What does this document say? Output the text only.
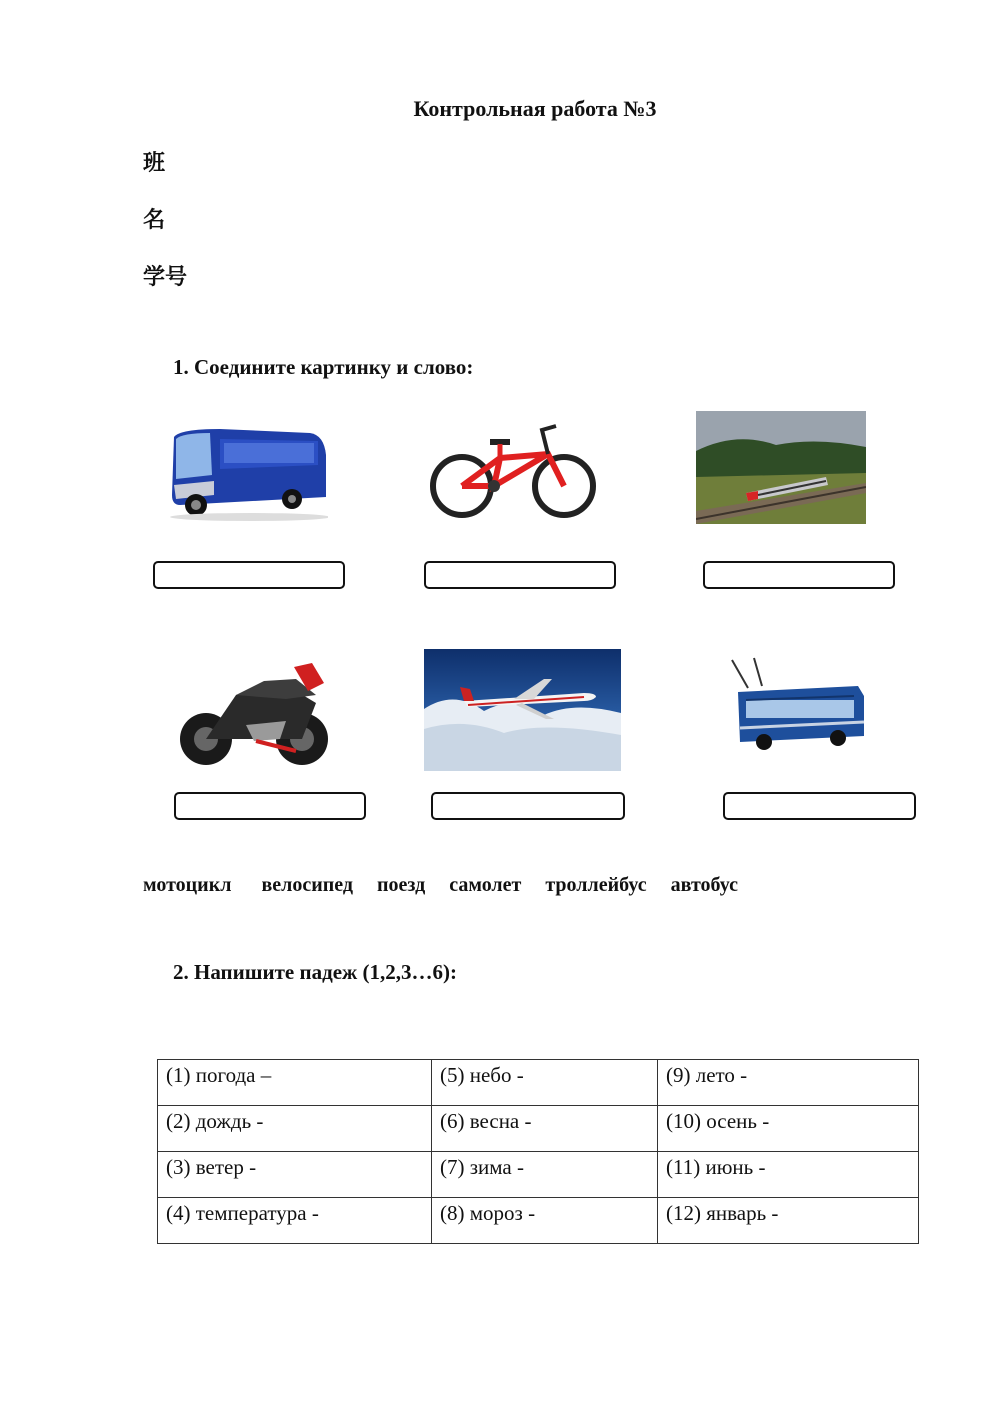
Контрольная работа №3
班
名
学号
1. Соедините картинку и слово:
мотоцикл велосипед поезд самолет троллейбус автобус
2. Напишите падеж (1,2,3…6):
(1) погода –	(5) небо -	(9) лето -
(2) дождь -	(6) весна -	(10) осень -
(3) ветер -	(7) зима -	(11) июнь -
(4) температура -	(8) мороз -	(12) январь -
